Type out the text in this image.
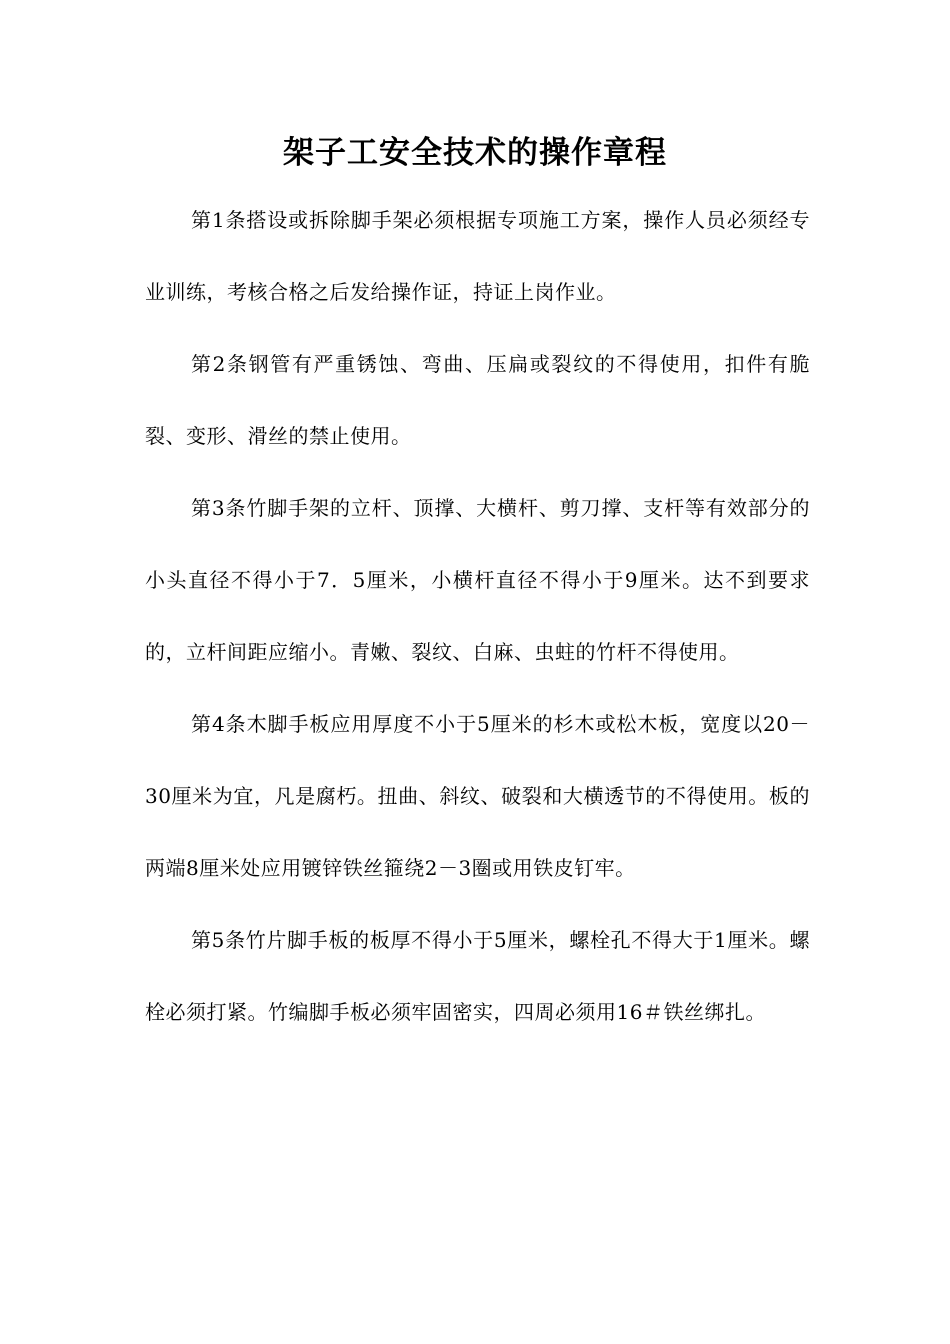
架子工安全技术的操作章程

第1条搭设或拆除脚手架必须根据专项施工方案，操作人员必须经专业训练，考核合格之后发给操作证，持证上岗作业。

第2条钢管有严重锈蚀、弯曲、压扁或裂纹的不得使用，扣件有脆裂、变形、滑丝的禁止使用。

第3条竹脚手架的立杆、顶撑、大横杆、剪刀撑、支杆等有效部分的小头直径不得小于7．5厘米，小横杆直径不得小于9厘米。达不到要求的，立杆间距应缩小。青嫩、裂纹、白麻、虫蛀的竹杆不得使用。

第4条木脚手板应用厚度不小于5厘米的杉木或松木板，宽度以20－30厘米为宜，凡是腐朽。扭曲、斜纹、破裂和大横透节的不得使用。板的两端8厘米处应用镀锌铁丝箍绕2－3圈或用铁皮钉牢。

第5条竹片脚手板的板厚不得小于5厘米，螺栓孔不得大于1厘米。螺栓必须打紧。竹编脚手板必须牢固密实，四周必须用16＃铁丝绑扎。
